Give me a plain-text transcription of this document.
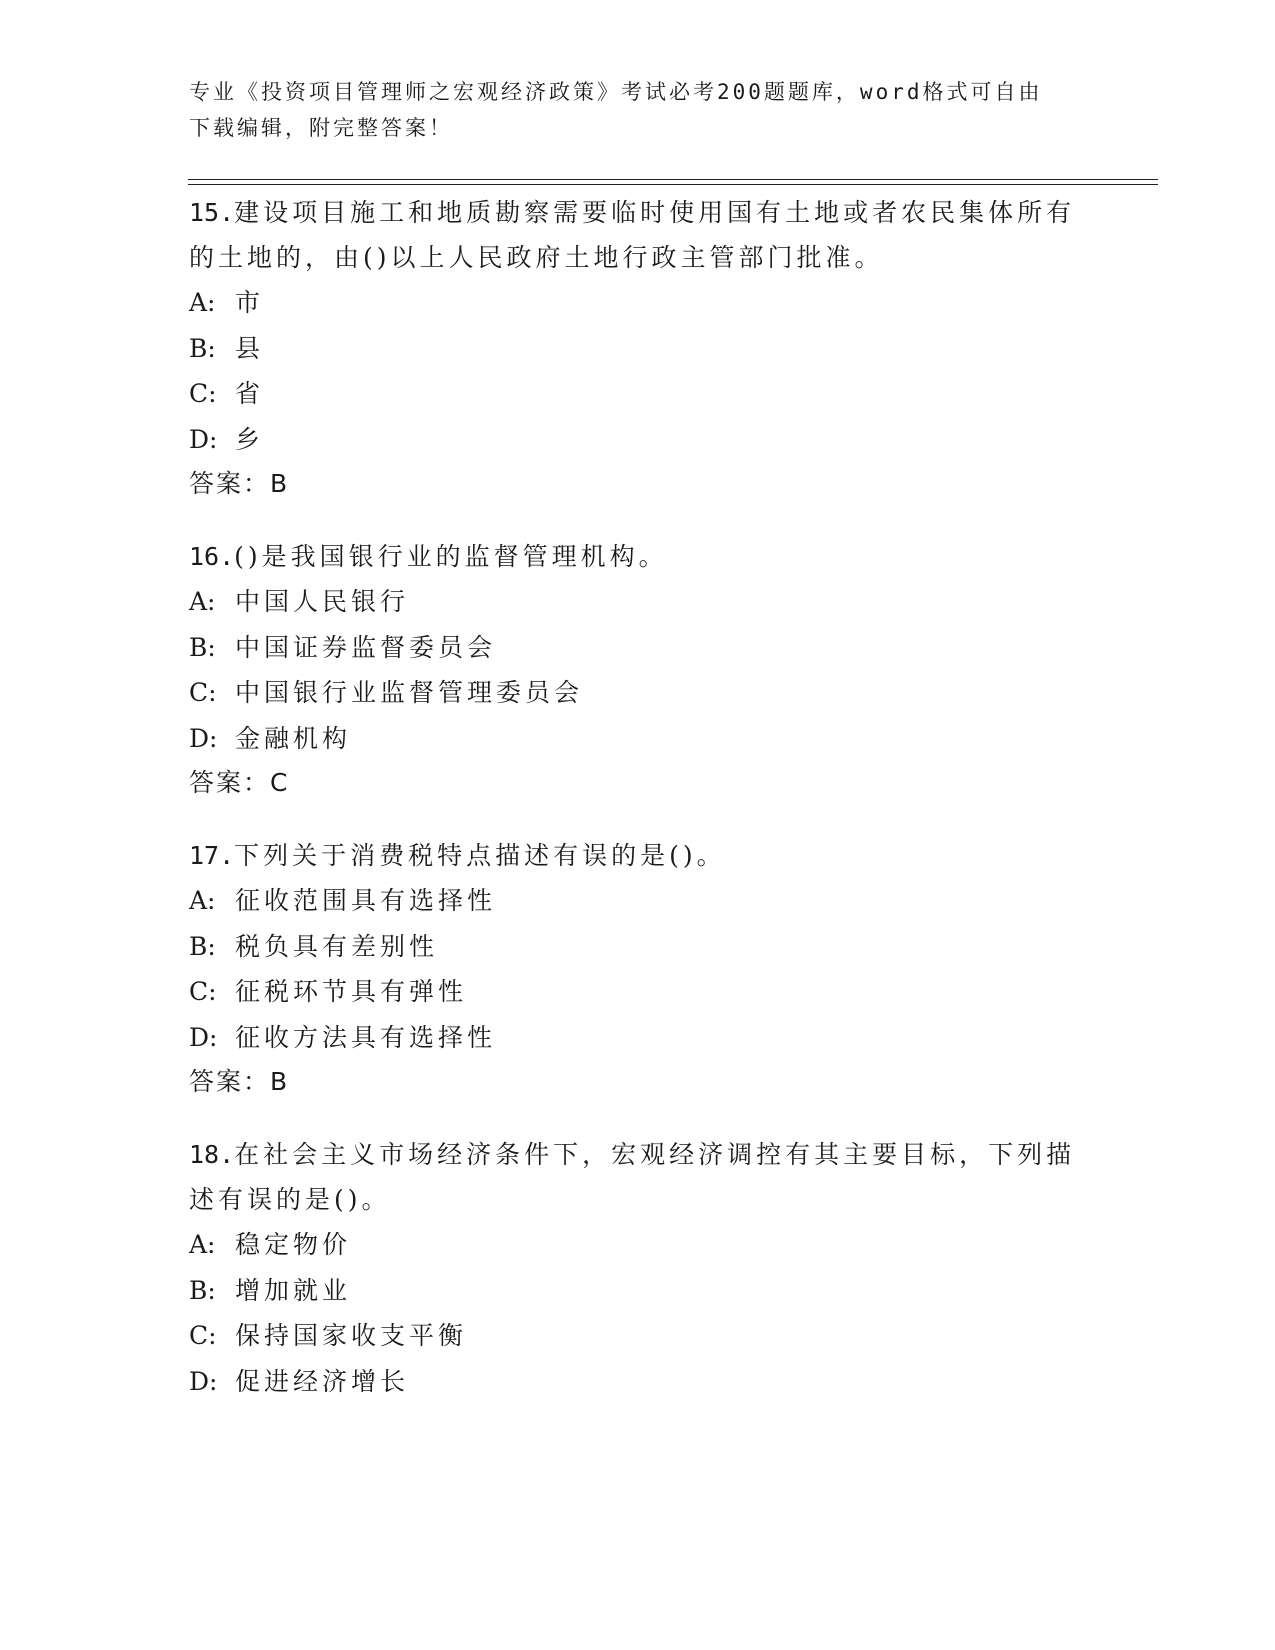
专业《投资项目管理师之宏观经济政策》考试必考200题题库，word格式可自由
下载编辑，附完整答案！
15.建设项目施工和地质勘察需要临时使用国有土地或者农民集体所有
的土地的，由()以上人民政府土地行政主管部门批准。
A: 市
B: 县
C: 省
D: 乡
答案：B
16.()是我国银行业的监督管理机构。
A: 中国人民银行
B: 中国证券监督委员会
C: 中国银行业监督管理委员会
D: 金融机构
答案：C
17.下列关于消费税特点描述有误的是()。
A: 征收范围具有选择性
B: 税负具有差别性
C: 征税环节具有弹性
D: 征收方法具有选择性
答案：B
18.在社会主义市场经济条件下，宏观经济调控有其主要目标，下列描
述有误的是()。
A: 稳定物价
B: 增加就业
C: 保持国家收支平衡
D: 促进经济增长
